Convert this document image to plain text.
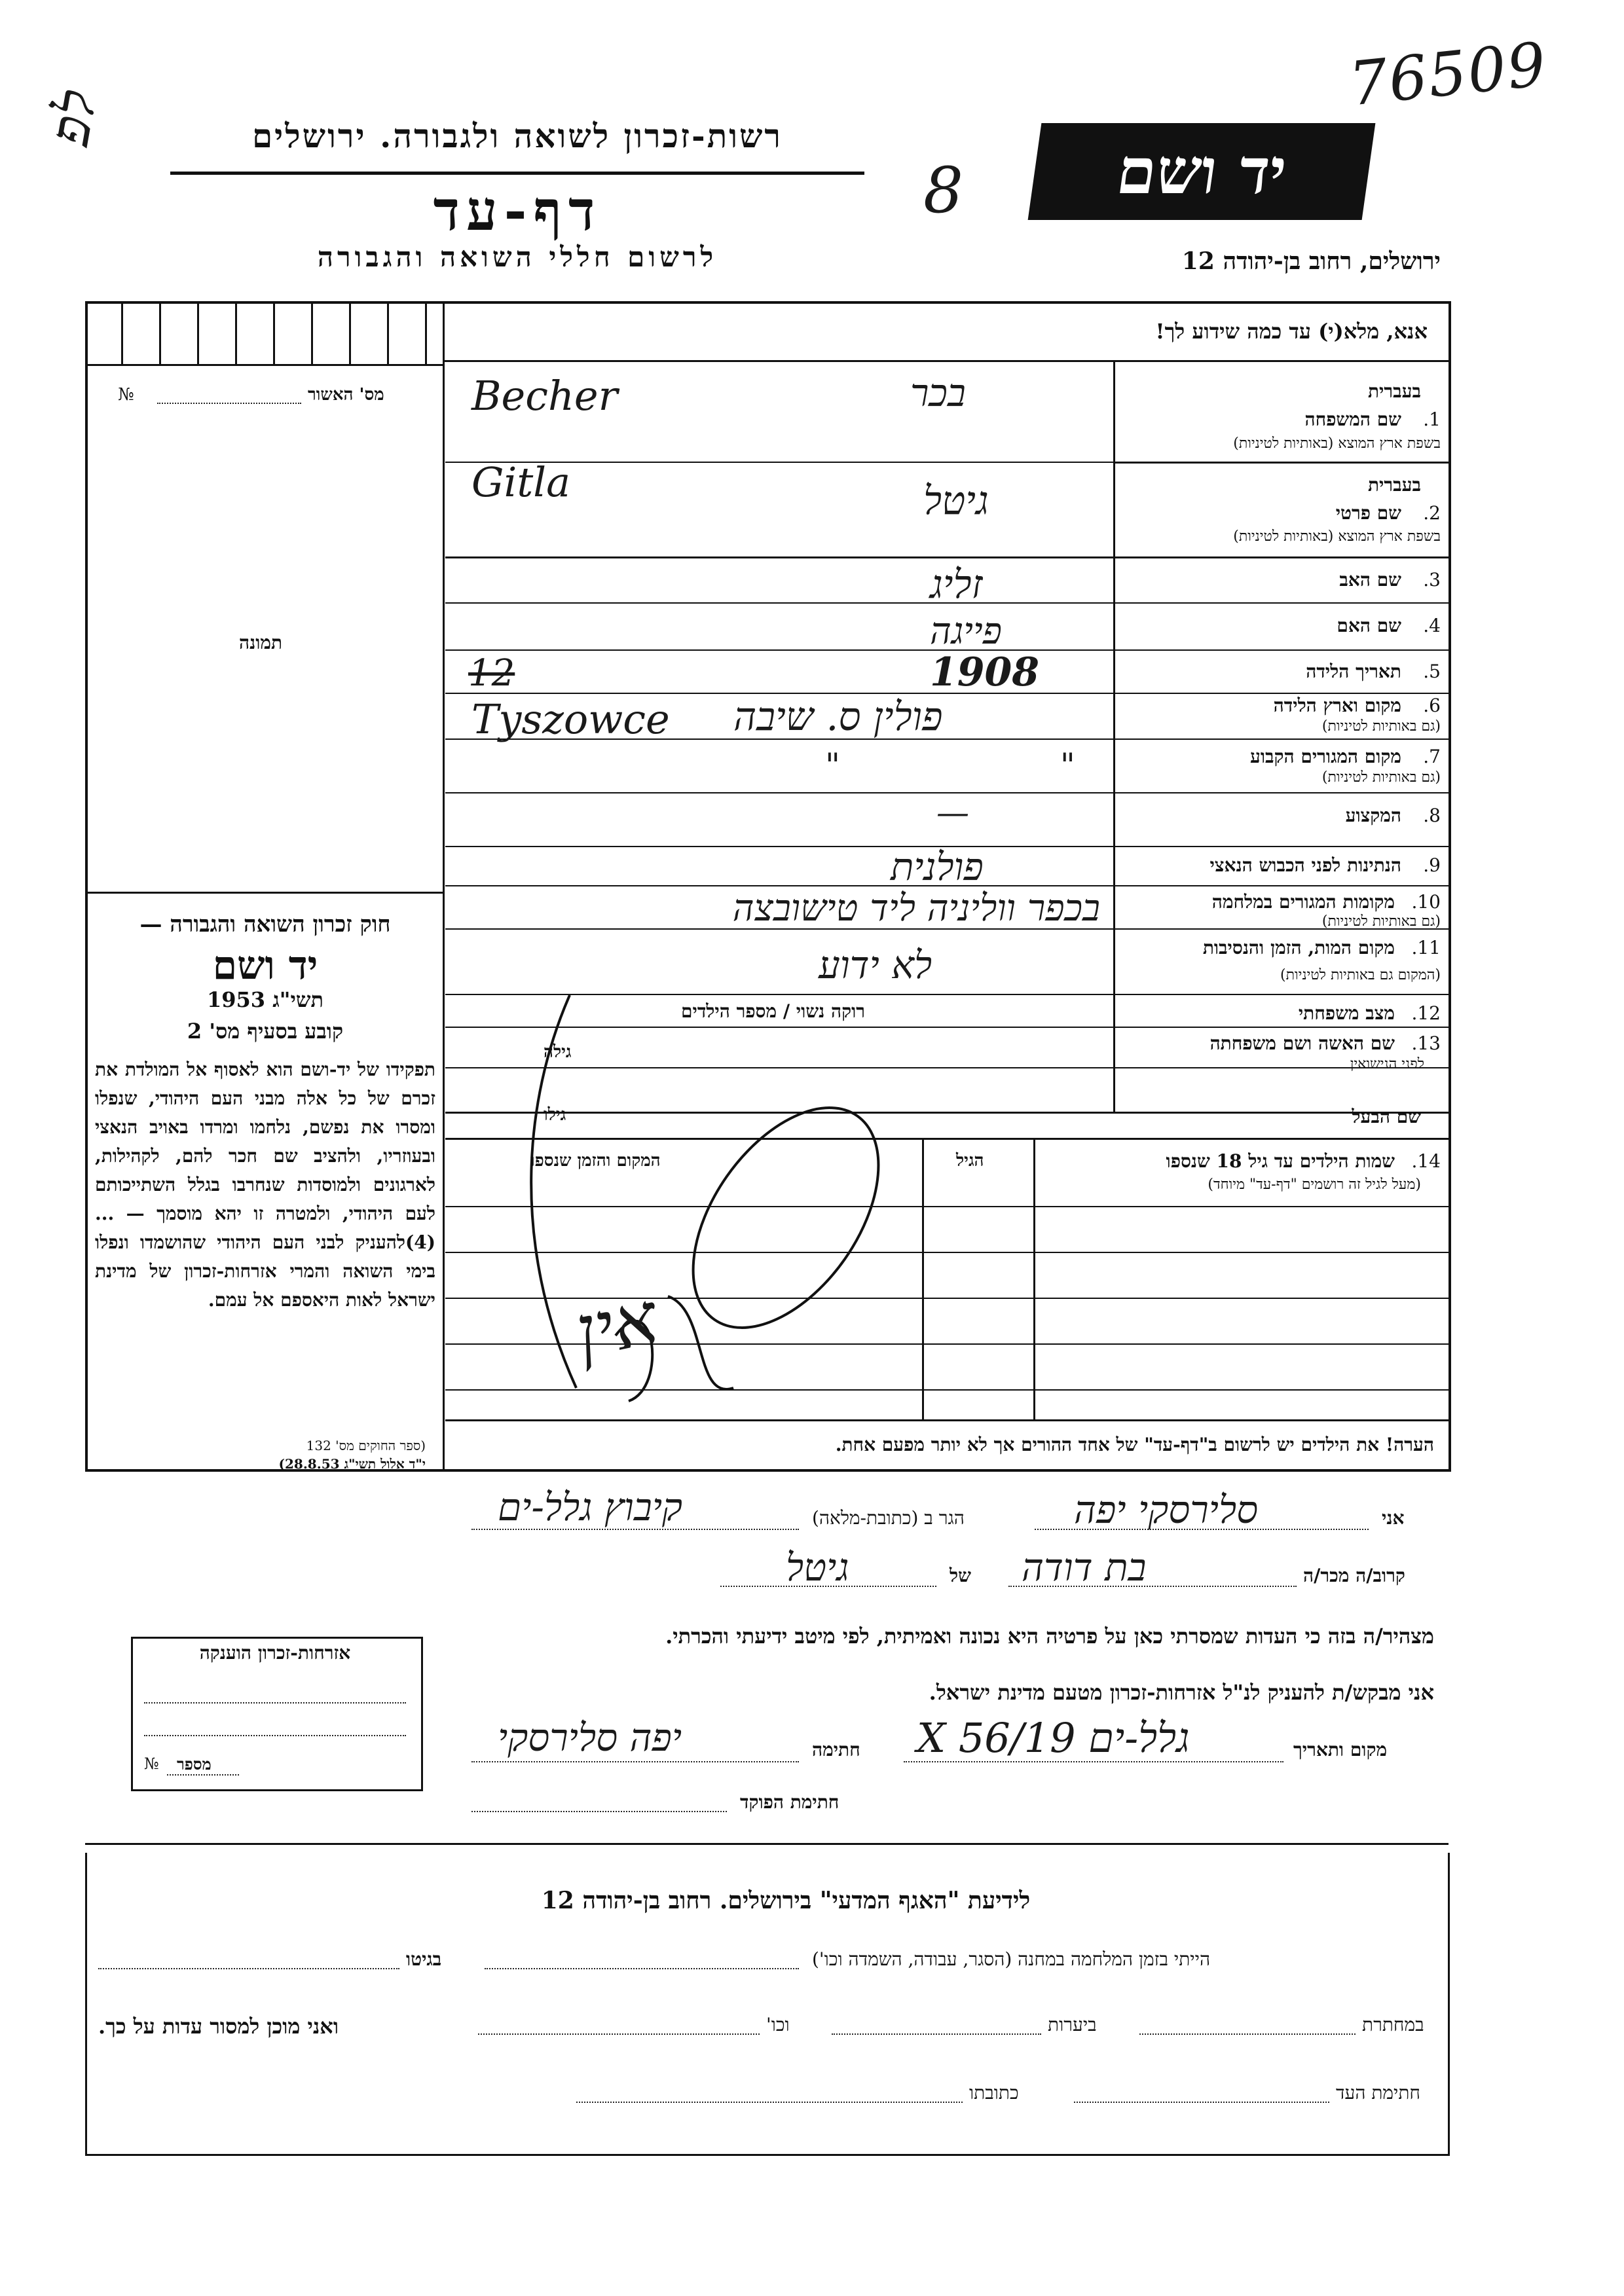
76509
לפ
8
רשות-זכרון לשואה ולגבורה. ירושלים
דף-עד
לרשום חללי השואה והגבורה
יד ושם
ירושלים, רחוב בן-יהודה 12
אנא, מלא(י) עד כמה שידוע לך!
מס' האשור
№
תמונה
1.
שם המשפחה
בשפת ארץ המוצא (באותיות לטיניות)
בעברית
בכר
Becher
2.
שם פרטי
בשפת ארץ המוצא (באותיות לטיניות)
בעברית
גיטל
Gitla
3.
שם האב
זליג
4.
שם האם
פייגה
5.
תאריך הלידה
1908
12
6.
מקום וארץ הלידה
(גם באותיות לטיניות)
פולין ס. שיבה
Tyszowce
7.
מקום המגורים הקבוע
(גם באותיות לטיניות)
" "
8.
המקצוע
—
9.
הנתינות לפני הכבוש הנאצי
פולנית
10.
מקומות המגורים במלחמה
(גם באותיות לטיניות)
בכפר ווליניה ליד טישובצה
11.
מקום המות, הזמן והנסיבות
(המקום גם באותיות לטיניות)
לא ידוע
12.
מצב משפחתי
רוקה נשוי / מספר הילדים
13.
שם האשה ושם משפחתה
לפני הנישואין
גילה
שם הבעל
גילו
14.
שמות הילדים עד גיל 18 שנספו
(מעל לגיל זה רושמים "דף-עד" מיוחד)
הגיל
המקום והזמן שנספו
אין
הערה! את הילדים יש לרשום ב"דף-עד" של אחד ההורים אך לא יותר מפעם אחת.
חוק זכרון השואה והגבורה —
יד ושם
תשי"ג 1953
קובע בסעיף מס' 2
תפקידו של יד-ושם הוא לאסוף אל המולדת את זכרם של כל אלה מבני העם היהודי, שנפלו ומסרו את נפשם, נלחמו ומרדו באויב הנאצי ובעוזריו, ולהציב שם חכר להם, לקהילות, לארגונים ולמוסדות שנחרבו בגלל השתייכותם לעם היהודי, ולמטרה זו יהא מוסמך — ...(4)להעניק לבני העם היהודי שהושמדו ונפלו בימי השואה והמרי אזרחות-זכרון של מדינת ישראל לאות היאספם אל עמם.
(ספר החוקים מס' 132
י"ד אלול תשי"ג 28.8.53)
אני
סלירסקי יפה
הגר ב (כתובת-מלאה)
קיבוץ גלל-ים
קרוב/ה מכר/ה
בת דודה
של
גיטל
מצהיר/ה בזה כי העדות שמסרתי כאן על פרטיה היא נכונה ואמיתית, לפי מיטב ידיעתי והכרתי.
אני מבקש/ת להעניק לנ"ל אזרחות-זכרון מטעם מדינת ישראל.
מקום ותאריך
גלל-ים 19/X 56
חתימה
יפה סלירסקי
חתימת הפוקד
אזרחות-זכרון הוענקה
מספר
№
לידיעת "האגף המדעי" בירושלים. רחוב בן-יהודה 12
הייתי בזמן המלחמה במחנה (הסגר, עבודה, השמדה וכו')
בגיטו
במחתרת
ביערות
וכו'
ואני מוכן למסור עדות על כך.
חתימת העד
כתובתו
